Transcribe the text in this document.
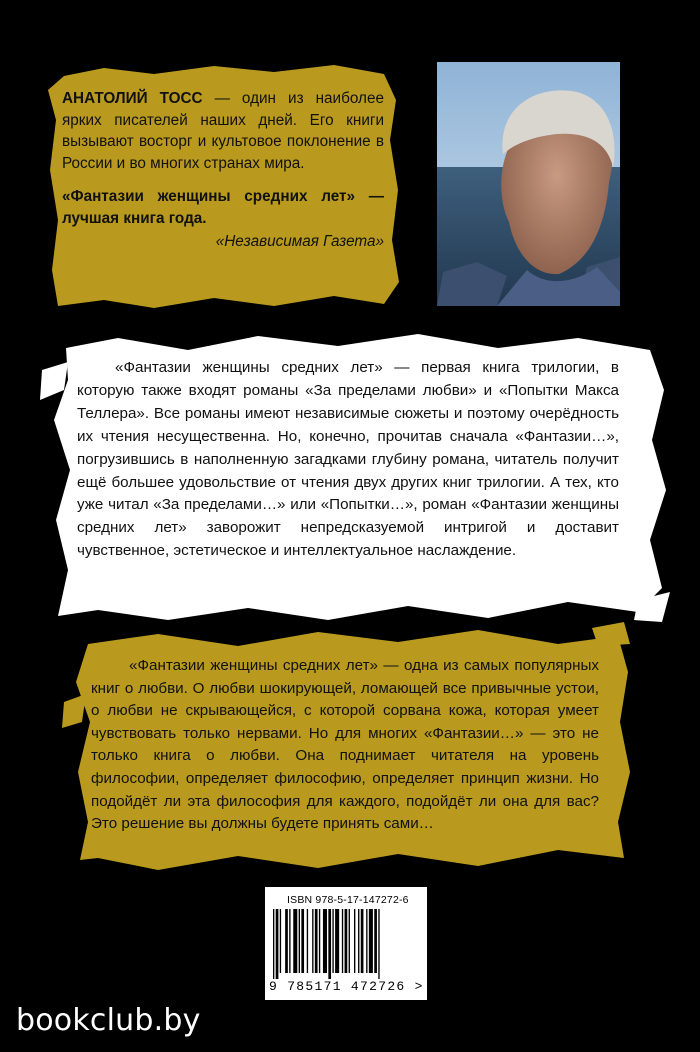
АНАТОЛИЙ ТОСС — один из наиболее ярких писателей наших дней. Его книги вызывают восторг и культовое поклонение в России и во многих странах мира.

«Фантазии женщины средних лет» — лучшая книга года.

«Независимая Газета»

«Фантазии женщины средних лет» — первая книга трилогии, в которую также входят романы «За пределами любви» и «Попытки Макса Теллера». Все романы имеют независимые сюжеты и поэтому очерёдность их чтения несущественна. Но, конечно, прочитав сначала «Фантазии…», погрузившись в наполненную загадками глубину романа, читатель получит ещё большее удовольствие от чтения двух других книг трилогии. А тех, кто уже читал «За пределами…» или «Попытки…», роман «Фантазии женщины средних лет» заворожит непредсказуемой интригой и доставит чувственное, эстетическое и интеллектуальное наслаждение.

«Фантазии женщины средних лет» — одна из самых популярных книг о любви. О любви шокирующей, ломающей все привычные устои, о любви не скрывающейся, с которой сорвана кожа, которая умеет чувствовать только нервами. Но для многих «Фантазии…» — это не только книга о любви. Она поднимает читателя на уровень философии, определяет философию, определяет принцип жизни. Но подойдёт ли эта философия для каждого, подойдёт ли она для вас? Это решение вы должны будете принять сами…

ISBN 978-5-17-147272-6
9 785171 472726 >
bookclub.by
